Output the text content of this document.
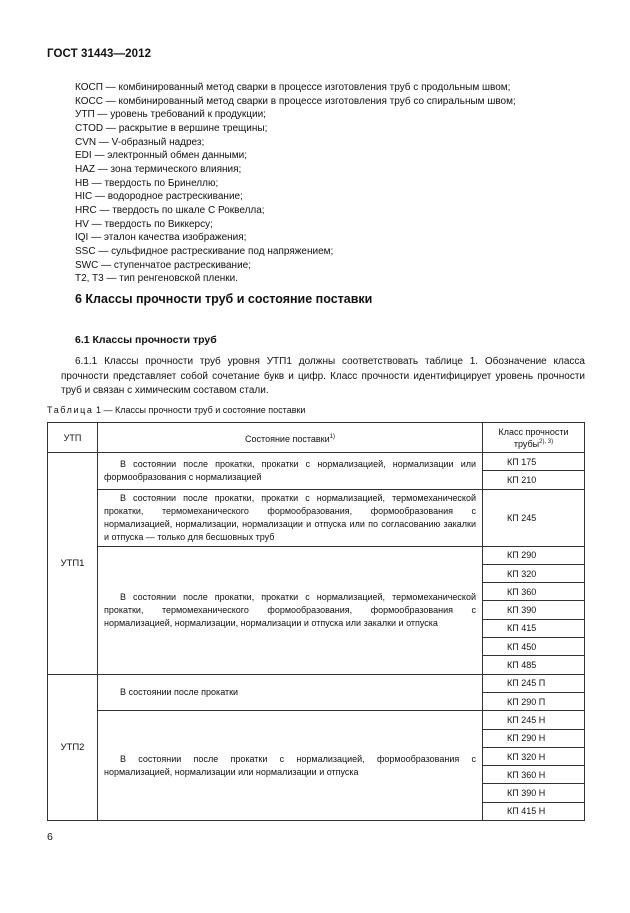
ГОСТ 31443—2012
КОСП — комбинированный метод сварки в процессе изготовления труб с продольным швом;
КОСС — комбинированный метод сварки в процессе изготовления труб со спиральным швом;
УТП — уровень требований к продукции;
CTOD — раскрытие в вершине трещины;
CVN — V-образный надрез;
EDI — электронный обмен данными;
HAZ — зона термического влияния;
HB — твердость по Бринеллю;
HIC — водородное растрескивание;
HRC — твердость по шкале С Роквелла;
HV — твердость по Виккерсу;
IQI — эталон качества изображения;
SSC — сульфидное растрескивание под напряжением;
SWC — ступенчатое растрескивание;
T2, T3 — тип ренгеновской пленки.
6 Классы прочности труб и состояние поставки
6.1 Классы прочности труб
6.1.1 Классы прочности труб уровня УТП1 должны соответствовать таблице 1. Обозначение класса прочности представляет собой сочетание букв и цифр. Класс прочности идентифицирует уровень прочности труб и связан с химическим составом стали.
Таблица 1 — Классы прочности труб и состояние поставки
УТП	Состояние поставки$^{1)}$	Класс прочности трубы$^{2), 3)}$
УТП1	В состоянии после прокатки, прокатки с нормализацией, нормализации или формообразования с нормализацией	КП 175
		КП 210

	В состоянии после прокатки, прокатки с нормализацией, термомеханической прокатки, термомеханического формообразования, формообразования с нормализацией, нормализации, нормализации и отпуска или по согласованию закалки и отпуска — только для бесшовных труб	КП 245

	В состоянии после прокатки, прокатки с нормализацией, термомеханической прокатки, термомеханического формообразования, формообразования с нормализацией, нормализации, нормализации и отпуска или закалки и отпуска	КП 290
		КП 320
		КП 360
		КП 390
		КП 415
		КП 450
		КП 485
УТП2	В состоянии после прокатки	КП 245 П
		КП 290 П

	В состоянии после прокатки с нормализацией, формообразования с нормализацией, нормализации или нормализации и отпуска	КП 245 Н
		КП 290 Н
		КП 320 Н
		КП 360 Н
		КП 390 Н
		КП 415 Н
6
